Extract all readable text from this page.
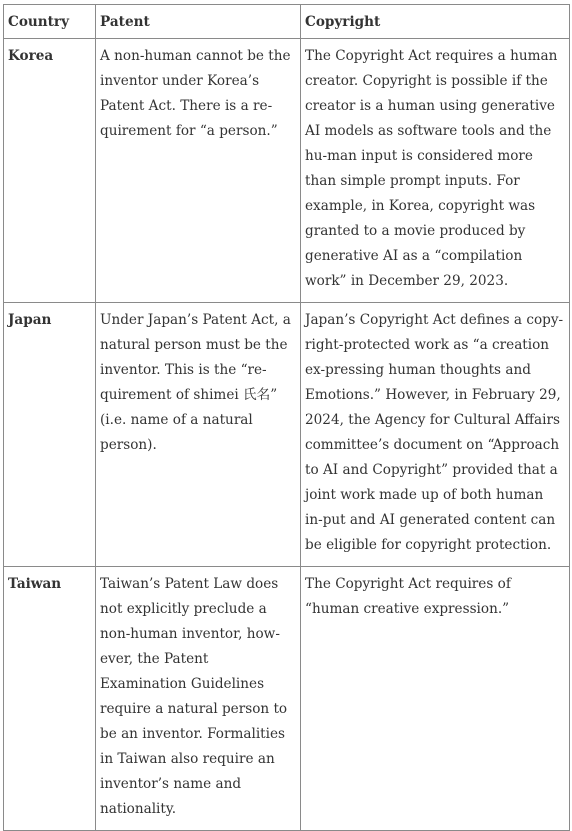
Country	Patent	Copyright
Korea	A non-human cannot be the inventor under Korea’s Patent Act. There is a re-quirement for “a person.”	The Copyright Act requires a human creator. Copyright is possible if the creator is a human using generative AI models as software tools and the hu-man input is considered more than simple prompt inputs. For example, in Korea, copyright was granted to a movie produced by generative AI as a “compilation work” in December 29, 2023.
Japan	Under Japan’s Patent Act, a natural person must be the inventor. This is the “re-quirement of shimei 氏名” (i.e. name of a natural person).	Japan’s Copyright Act defines a copy-right-protected work as “a creation ex-pressing human thoughts and Emotions.” However, in February 29, 2024, the Agency for Cultural Affairs committee’s document on “Approach to AI and Copyright” provided that a joint work made up of both human in-put and AI generated content can be eligible for copyright protection.
Taiwan	Taiwan’s Patent Law does not explicitly preclude a non-human inventor, how-ever, the Patent Examination Guidelines require a natural person to be an inventor. Formalities in Taiwan also require an inventor’s name and nationality.	The Copyright Act requires of “human creative expression.”
